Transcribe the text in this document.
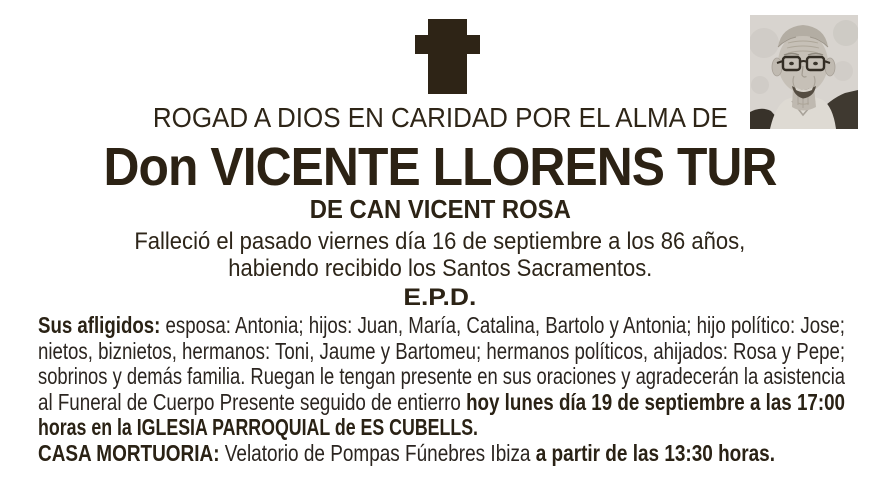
ROGAD A DIOS EN CARIDAD POR EL ALMA DE
Don VICENTE LLORENS TUR
DE CAN VICENT ROSA
Falleció el pasado viernes día 16 de septiembre a los 86 años,
habiendo recibido los Santos Sacramentos.
E.P.D.
Sus afligidos: esposa: Antonia; hijos: Juan, María, Catalina, Bartolo y Antonia; hijo político: Jose;
nietos, biznietos, hermanos: Toni, Jaume y Bartomeu; hermanos políticos, ahijados: Rosa y Pepe;
sobrinos y demás familia. Ruegan le tengan presente en sus oraciones y agradecerán la asistencia
al Funeral de Cuerpo Presente seguido de entierro hoy lunes día 19 de septiembre a las 17:00
horas en la IGLESIA PARROQUIAL de ES CUBELLS.
CASA MORTUORIA: Velatorio de Pompas Fúnebres Ibiza a partir de las 13:30 horas.
